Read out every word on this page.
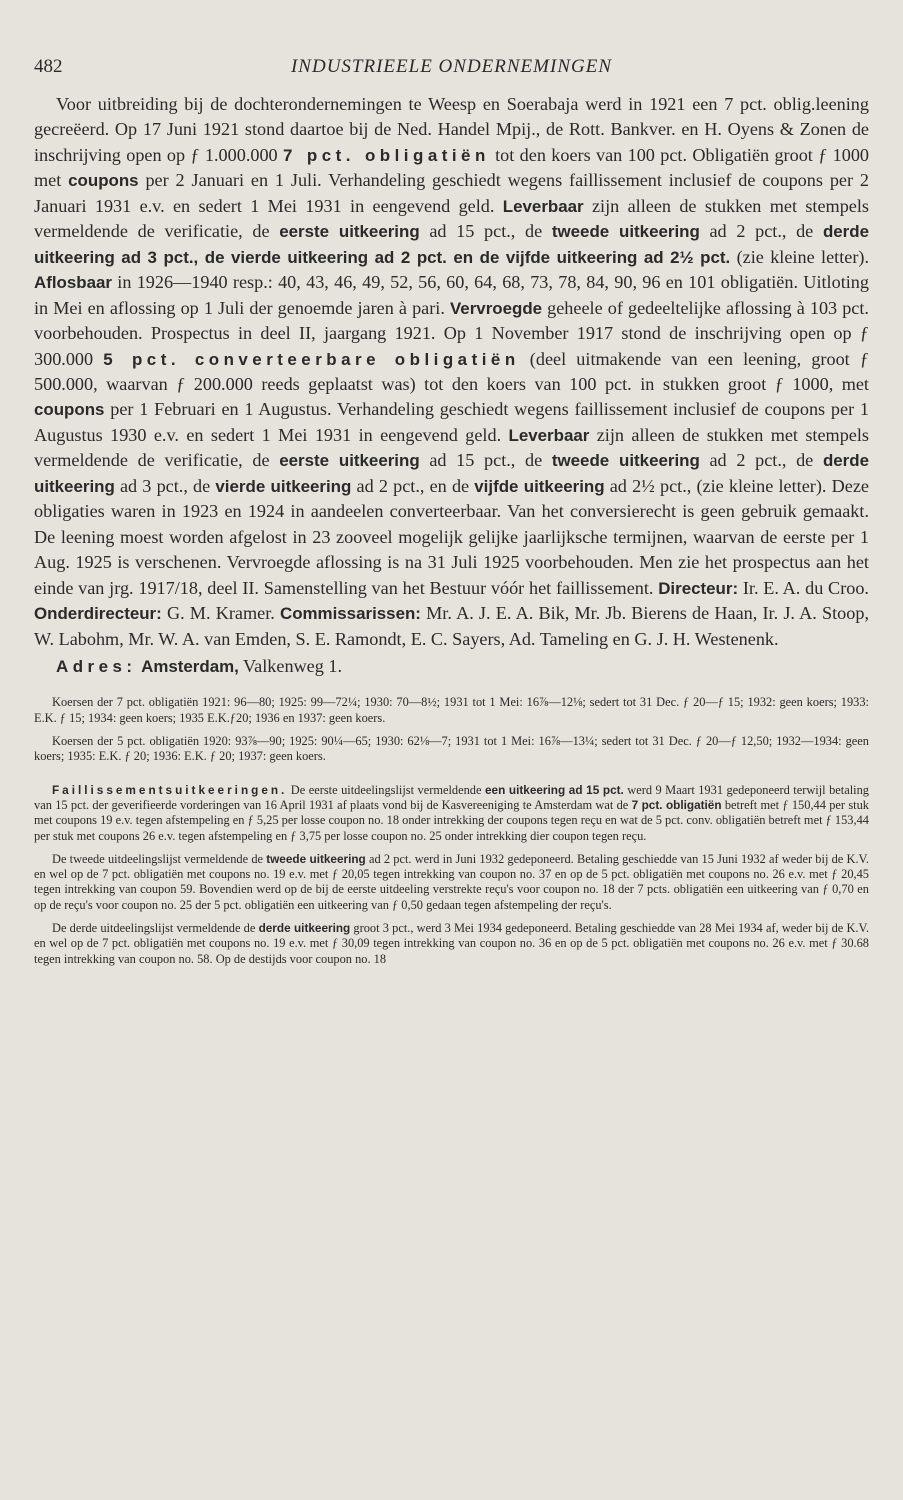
482	INDUSTRIEELE ONDERNEMINGEN

Voor uitbreiding bij de dochterondernemingen te Weesp en Soerabaja werd in 1921 een 7 pct. oblig.leening gecreëerd. Op 17 Juni 1921 stond daartoe bij de Ned. Handel Mpij., de Rott. Bankver. en H. Oyens & Zonen de inschrijving open op ƒ 1.000.000 7 pct. obligatiën tot den koers van 100 pct. Obligatiën groot ƒ 1000 met coupons per 2 Januari en 1 Juli. Verhandeling geschiedt wegens faillissement inclusief de coupons per 2 Januari 1931 e.v. en sedert 1 Mei 1931 in eengevend geld. Leverbaar zijn alleen de stukken met stempels vermeldende de verificatie, de eerste uitkeering ad 15 pct., de tweede uitkeering ad 2 pct., de derde uitkeering ad 3 pct., de vierde uitkeering ad 2 pct. en de vijfde uitkeering ad 2½ pct. (zie kleine letter). Aflosbaar in 1926—1940 resp.: 40, 43, 46, 49, 52, 56, 60, 64, 68, 73, 78, 84, 90, 96 en 101 obligatiën. Uitloting in Mei en aflossing op 1 Juli der genoemde jaren à pari. Vervroegde geheele of gedeeltelijke aflossing à 103 pct. voorbehouden. Prospectus in deel II, jaargang 1921. Op 1 November 1917 stond de inschrijving open op ƒ 300.000 5 pct. converteerbare obligatiën (deel uitmakende van een leening, groot ƒ 500.000, waarvan ƒ 200.000 reeds geplaatst was) tot den koers van 100 pct. in stukken groot ƒ 1000, met coupons per 1 Februari en 1 Augustus. Verhandeling geschiedt wegens faillissement inclusief de coupons per 1 Augustus 1930 e.v. en sedert 1 Mei 1931 in eengevend geld. Leverbaar zijn alleen de stukken met stempels vermeldende de verificatie, de eerste uitkeering ad 15 pct., de tweede uitkeering ad 2 pct., de derde uitkeering ad 3 pct., de vierde uitkeering ad 2 pct., en de vijfde uitkeering ad 2½ pct., (zie kleine letter). Deze obligaties waren in 1923 en 1924 in aandeelen converteerbaar. Van het conversierecht is geen gebruik gemaakt. De leening moest worden afgelost in 23 zooveel mogelijk gelijke jaarlijksche termijnen, waarvan de eerste per 1 Aug. 1925 is verschenen. Vervroegde aflossing is na 31 Juli 1925 voorbehouden. Men zie het prospectus aan het einde van jrg. 1917/18, deel II. Samenstelling van het Bestuur vóór het faillissement. Directeur: Ir. E. A. du Croo. Onderdirecteur: G. M. Kramer. Commissarissen: Mr. A. J. E. A. Bik, Mr. Jb. Bierens de Haan, Ir. J. A. Stoop, W. Labohm, Mr. W. A. van Emden, S. E. Ramondt, E. C. Sayers, Ad. Tameling en G. J. H. Westenenk.

Adres: Amsterdam, Valkenweg 1.

Koersen der 7 pct. obligatiën 1921: 96—80; 1925: 99—72¼; 1930: 70—8½; 1931 tot 1 Mei: 16⅞—12⅛; sedert tot 31 Dec. ƒ 20—ƒ 15; 1932: geen koers; 1933: E.K. ƒ 15; 1934: geen koers; 1935 E.K.ƒ20; 1936 en 1937: geen koers.

Koersen der 5 pct. obligatiën 1920: 93⅞—90; 1925: 90¼—65; 1930: 62⅛—7; 1931 tot 1 Mei: 16⅞—13¼; sedert tot 31 Dec. ƒ 20—ƒ 12,50; 1932—1934: geen koers; 1935: E.K. ƒ 20; 1936: E.K. ƒ 20; 1937: geen koers.

Faillissementsuitkeeringen. De eerste uitdeelingslijst vermeldende een uitkeering ad 15 pct. werd 9 Maart 1931 gedeponeerd terwijl betaling van 15 pct. der geverifieerde vorderingen van 16 April 1931 af plaats vond bij de Kasvereeniging te Amsterdam wat de 7 pct. obligatiën betreft met ƒ 150,44 per stuk met coupons 19 e.v. tegen afstempeling en ƒ 5,25 per losse coupon no. 18 onder intrekking der coupons tegen reçu en wat de 5 pct. conv. obligatiën betreft met ƒ 153,44 per stuk met coupons 26 e.v. tegen afstempeling en ƒ 3,75 per losse coupon no. 25 onder intrekking dier coupon tegen reçu.

De tweede uitdeelingslijst vermeldende de tweede uitkeering ad 2 pct. werd in Juni 1932 gedeponeerd. Betaling geschiedde van 15 Juni 1932 af weder bij de K.V. en wel op de 7 pct. obligatiën met coupons no. 19 e.v. met ƒ 20,05 tegen intrekking van coupon no. 37 en op de 5 pct. obligatiën met coupons no. 26 e.v. met ƒ 20,45 tegen intrekking van coupon 59. Bovendien werd op de bij de eerste uitdeeling verstrekte reçu's voor coupon no. 18 der 7 pcts. obligatiën een uitkeering van ƒ 0,70 en op de reçu's voor coupon no. 25 der 5 pct. obligatiën een uitkeering van ƒ 0,50 gedaan tegen afstempeling der reçu's.

De derde uitdeelingslijst vermeldende de derde uitkeering groot 3 pct., werd 3 Mei 1934 gedeponeerd. Betaling geschiedde van 28 Mei 1934 af, weder bij de K.V. en wel op de 7 pct. obligatiën met coupons no. 19 e.v. met ƒ 30,09 tegen intrekking van coupon no. 36 en op de 5 pct. obligatiën met coupons no. 26 e.v. met ƒ 30.68 tegen intrekking van coupon no. 58. Op de destijds voor coupon no. 18
